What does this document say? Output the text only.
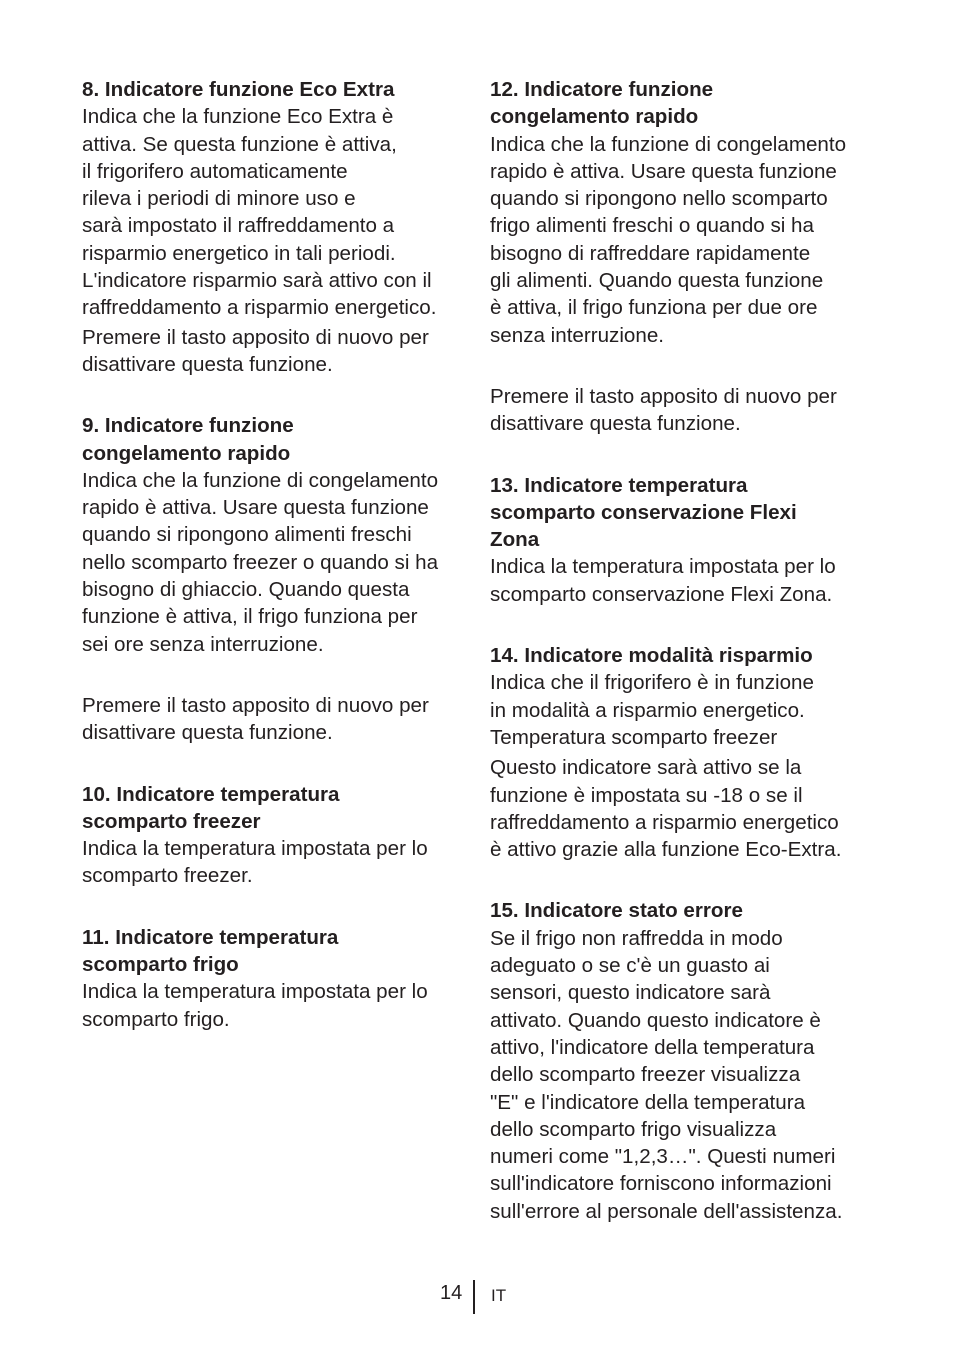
8. Indicatore funzione Eco Extra

Indica che la funzione Eco Extra è
attiva. Se questa funzione è attiva,
il frigorifero automaticamente
rileva i periodi di minore uso e
sarà impostato il raffreddamento a
risparmio energetico in tali periodi.
L'indicatore risparmio sarà attivo con il
raffreddamento a risparmio energetico.
Premere il tasto apposito di nuovo per
disattivare questa funzione.

9. Indicatore funzione
congelamento rapido

Indica che la funzione di congelamento
rapido è attiva. Usare questa funzione
quando si ripongono alimenti freschi
nello scomparto freezer o quando si ha
bisogno di ghiaccio. Quando questa
funzione è attiva, il frigo funziona per
sei ore senza interruzione.

Premere il tasto apposito di nuovo per
disattivare questa funzione.

10. Indicatore temperatura
scomparto freezer

Indica la temperatura impostata per lo
scomparto freezer.

11. Indicatore temperatura
scomparto frigo

Indica la temperatura impostata per lo
scomparto frigo.

12. Indicatore funzione
congelamento rapido

Indica che la funzione di congelamento
rapido è attiva. Usare questa funzione
quando si ripongono nello scomparto
frigo alimenti freschi o quando si ha
bisogno di raffreddare rapidamente
gli alimenti. Quando questa funzione
è attiva, il frigo funziona per due ore
senza interruzione.

Premere il tasto apposito di nuovo per
disattivare questa funzione.

13. Indicatore temperatura
scomparto conservazione Flexi
Zona

Indica la temperatura impostata per lo
scomparto conservazione Flexi Zona.

14. Indicatore modalità risparmio

Indica che il frigorifero è in funzione
in modalità a risparmio energetico.
Temperatura scomparto freezer
Questo indicatore sarà attivo se la
funzione è impostata su -18 o se il
raffreddamento a risparmio energetico
è attivo grazie alla funzione Eco-Extra.

15. Indicatore stato errore

Se il frigo non raffredda in modo
adeguato o se c'è un guasto ai
sensori, questo indicatore sarà
attivato. Quando questo indicatore è
attivo, l'indicatore della temperatura
dello scomparto freezer visualizza
"E" e l'indicatore della temperatura
dello scomparto frigo visualizza
numeri come "1,2,3…". Questi numeri
sull'indicatore forniscono informazioni
sull'errore al personale dell'assistenza.

14 IT
